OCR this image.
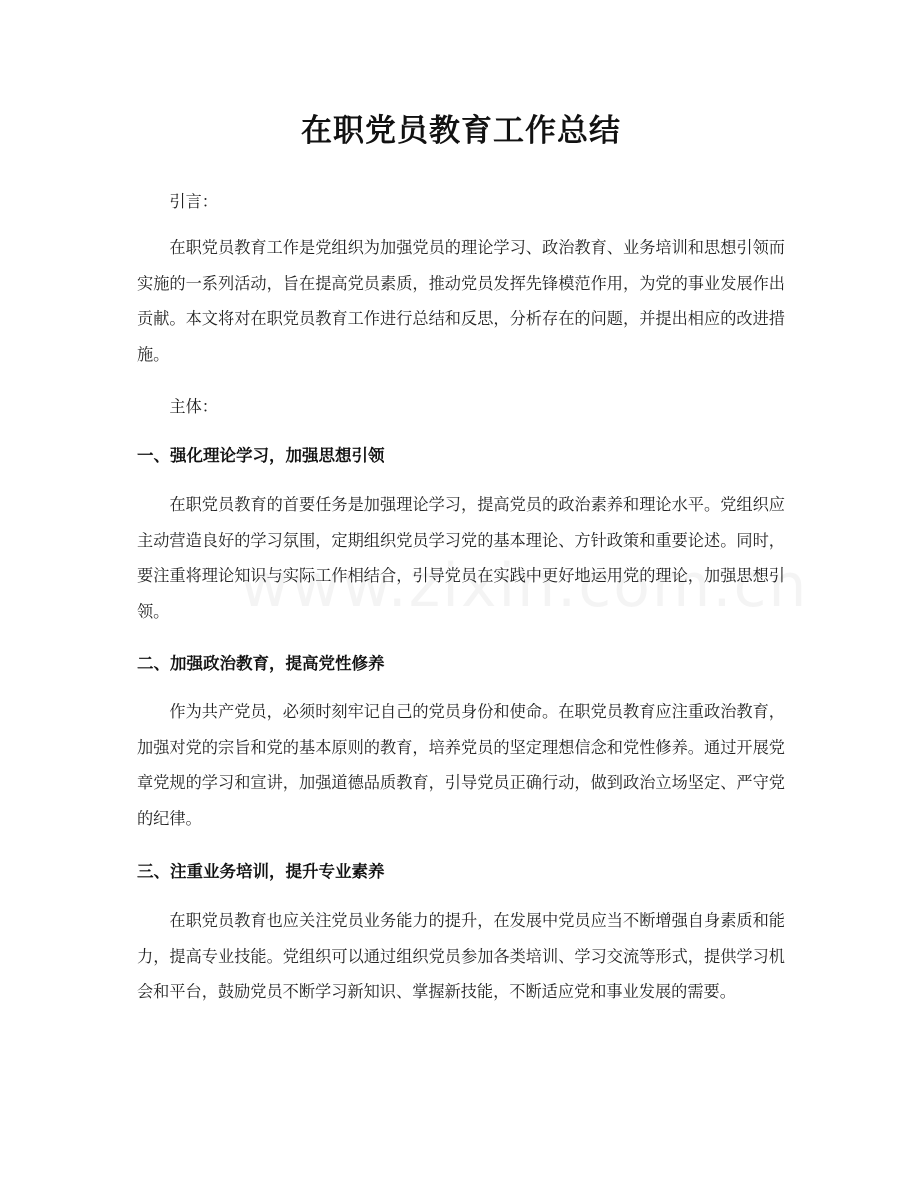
在职党员教育工作总结

引言：

在职党员教育工作是党组织为加强党员的理论学习、政治教育、业务培训和思想引领而实施的一系列活动，旨在提高党员素质，推动党员发挥先锋模范作用，为党的事业发展作出贡献。本文将对在职党员教育工作进行总结和反思，分析存在的问题，并提出相应的改进措施。

主体：

一、强化理论学习，加强思想引领

在职党员教育的首要任务是加强理论学习，提高党员的政治素养和理论水平。党组织应主动营造良好的学习氛围，定期组织党员学习党的基本理论、方针政策和重要论述。同时，要注重将理论知识与实际工作相结合，引导党员在实践中更好地运用党的理论，加强思想引领。

二、加强政治教育，提高党性修养

作为共产党员，必须时刻牢记自己的党员身份和使命。在职党员教育应注重政治教育，加强对党的宗旨和党的基本原则的教育，培养党员的坚定理想信念和党性修养。通过开展党章党规的学习和宣讲，加强道德品质教育，引导党员正确行动，做到政治立场坚定、严守党的纪律。

三、注重业务培训，提升专业素养

在职党员教育也应关注党员业务能力的提升，在发展中党员应当不断增强自身素质和能力，提高专业技能。党组织可以通过组织党员参加各类培训、学习交流等形式，提供学习机会和平台，鼓励党员不断学习新知识、掌握新技能，不断适应党和事业发展的需要。
